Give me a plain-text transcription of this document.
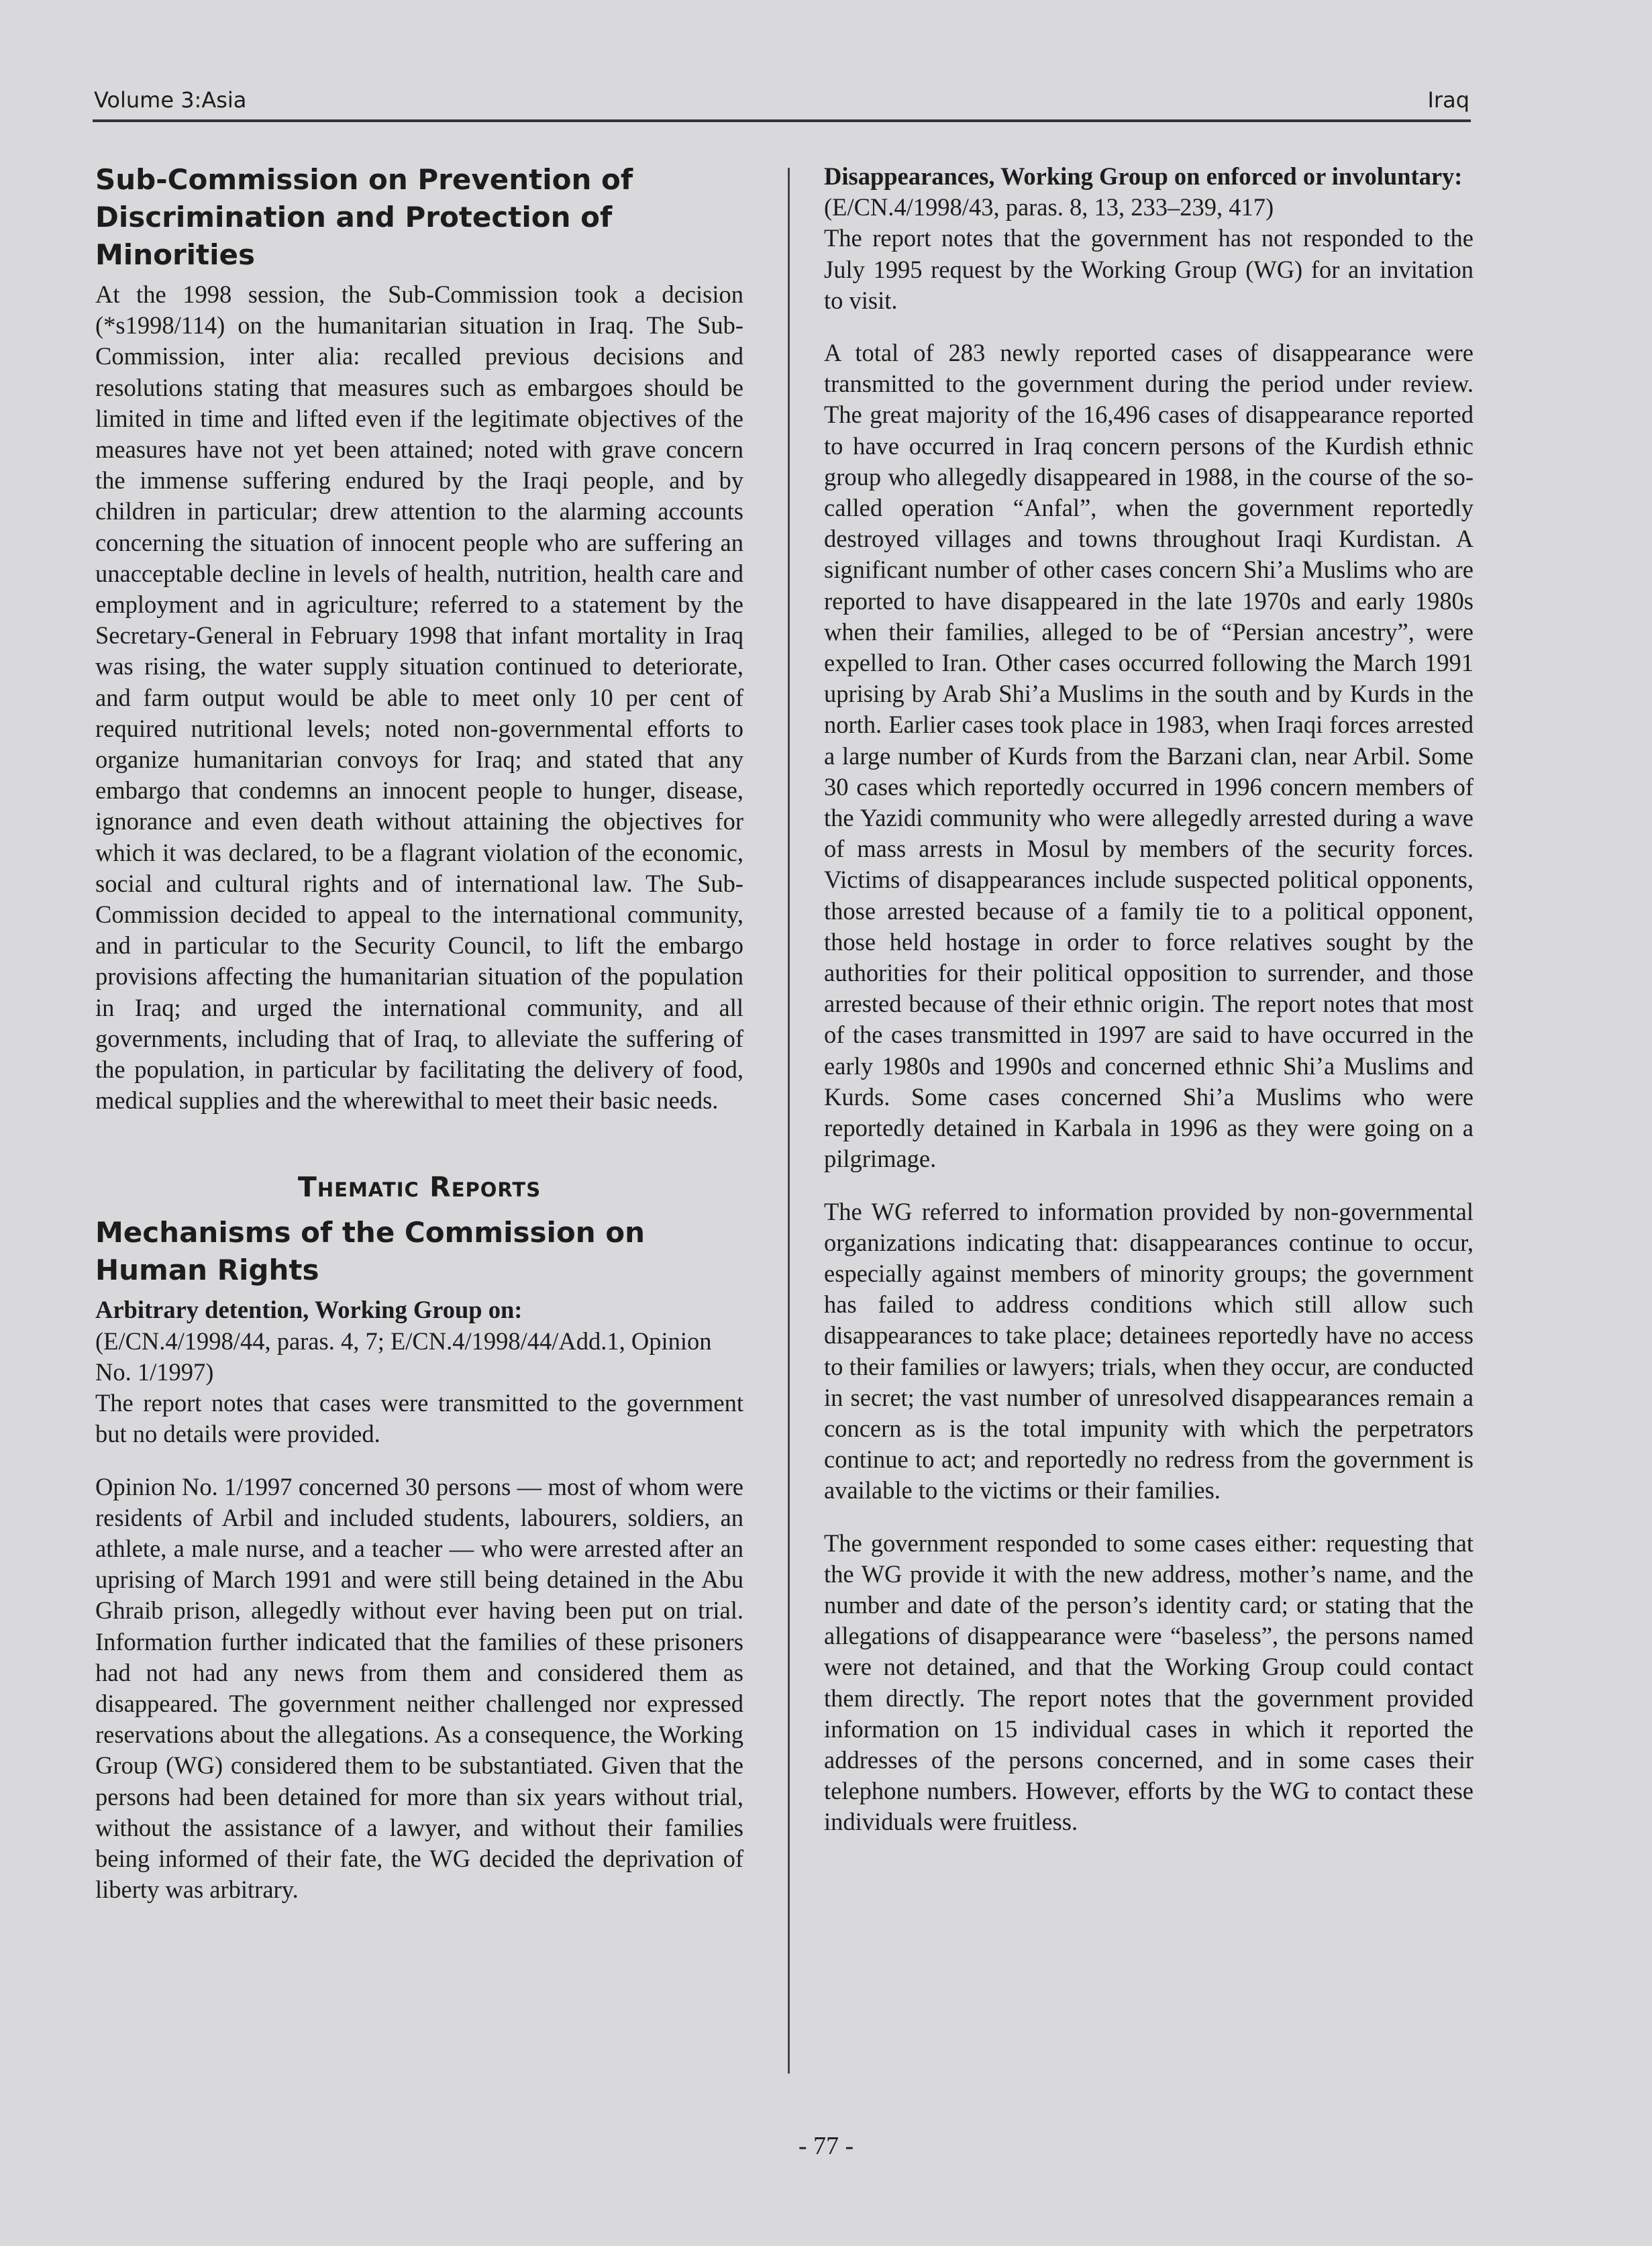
Volume 3:Asia	Iraq
Sub-Commission on Prevention of Discrimination and Protection of Minorities

At the 1998 session, the Sub-Commission took a decision (*s1998/114) on the humanitarian situation in Iraq. The Sub-Commission, inter alia: recalled previous decisions and resolutions stating that measures such as embargoes should be limited in time and lifted even if the legitimate objectives of the measures have not yet been attained; noted with grave concern the immense suffering endured by the Iraqi people, and by children in particular; drew attention to the alarming accounts concerning the situation of innocent people who are suffering an unacceptable decline in levels of health, nutrition, health care and employment and in agriculture; referred to a statement by the Secretary-General in February 1998 that infant mortality in Iraq was rising, the water supply situation continued to deteriorate, and farm output would be able to meet only 10 per cent of required nutritional levels; noted non-governmental efforts to organize humanitarian convoys for Iraq; and stated that any embargo that condemns an innocent people to hunger, disease, ignorance and even death without attaining the objectives for which it was declared, to be a flagrant violation of the economic, social and cultural rights and of international law. The Sub-Commission decided to appeal to the international community, and in particular to the Security Council, to lift the embargo provisions affecting the humanitarian situation of the population in Iraq; and urged the international community, and all governments, including that of Iraq, to alleviate the suffering of the population, in particular by facilitating the delivery of food, medical supplies and the wherewithal to meet their basic needs.

Thematic Reports
Mechanisms of the Commission on Human Rights

Arbitrary detention, Working Group on:
(E/CN.4/1998/44, paras. 4, 7; E/CN.4/1998/44/Add.1, Opinion No. 1/1997)

The report notes that cases were transmitted to the government but no details were provided.

Opinion No. 1/1997 concerned 30 persons — most of whom were residents of Arbil and included students, labourers, soldiers, an athlete, a male nurse, and a teacher — who were arrested after an uprising of March 1991 and were still being detained in the Abu Ghraib prison, allegedly without ever having been put on trial. Information further indicated that the families of these prisoners had not had any news from them and considered them as disappeared. The government neither challenged nor expressed reservations about the allegations. As a consequence, the Working Group (WG) considered them to be substantiated. Given that the persons had been detained for more than six years without trial, without the assistance of a lawyer, and without their families being informed of their fate, the WG decided the deprivation of liberty was arbitrary.

Disappearances, Working Group on enforced or involuntary: (E/CN.4/1998/43, paras. 8, 13, 233–239, 417)

The report notes that the government has not responded to the July 1995 request by the Working Group (WG) for an invitation to visit.

A total of 283 newly reported cases of disappearance were transmitted to the government during the period under review. The great majority of the 16,496 cases of disappearance reported to have occurred in Iraq concern persons of the Kurdish ethnic group who allegedly disappeared in 1988, in the course of the so-called operation “Anfal”, when the government reportedly destroyed villages and towns throughout Iraqi Kurdistan. A significant number of other cases concern Shi’a Muslims who are reported to have disappeared in the late 1970s and early 1980s when their families, alleged to be of “Persian ancestry”, were expelled to Iran. Other cases occurred following the March 1991 uprising by Arab Shi’a Muslims in the south and by Kurds in the north. Earlier cases took place in 1983, when Iraqi forces arrested a large number of Kurds from the Barzani clan, near Arbil. Some 30 cases which reportedly occurred in 1996 concern members of the Yazidi community who were allegedly arrested during a wave of mass arrests in Mosul by members of the security forces. Victims of disappearances include suspected political opponents, those arrested because of a family tie to a political opponent, those held hostage in order to force relatives sought by the authorities for their political opposition to surrender, and those arrested because of their ethnic origin. The report notes that most of the cases transmitted in 1997 are said to have occurred in the early 1980s and 1990s and concerned ethnic Shi’a Muslims and Kurds. Some cases concerned Shi’a Muslims who were reportedly detained in Karbala in 1996 as they were going on a pilgrimage.

The WG referred to information provided by non-governmental organizations indicating that: disappearances continue to occur, especially against members of minority groups; the government has failed to address conditions which still allow such disappearances to take place; detainees reportedly have no access to their families or lawyers; trials, when they occur, are conducted in secret; the vast number of unresolved disappearances remain a concern as is the total impunity with which the perpetrators continue to act; and reportedly no redress from the government is available to the victims or their families.

The government responded to some cases either: requesting that the WG provide it with the new address, mother’s name, and the number and date of the person’s identity card; or stating that the allegations of disappearance were “baseless”, the persons named were not detained, and that the Working Group could contact them directly. The report notes that the government provided information on 15 individual cases in which it reported the addresses of the persons concerned, and in some cases their telephone numbers. However, efforts by the WG to contact these individuals were fruitless.

- 77 -
